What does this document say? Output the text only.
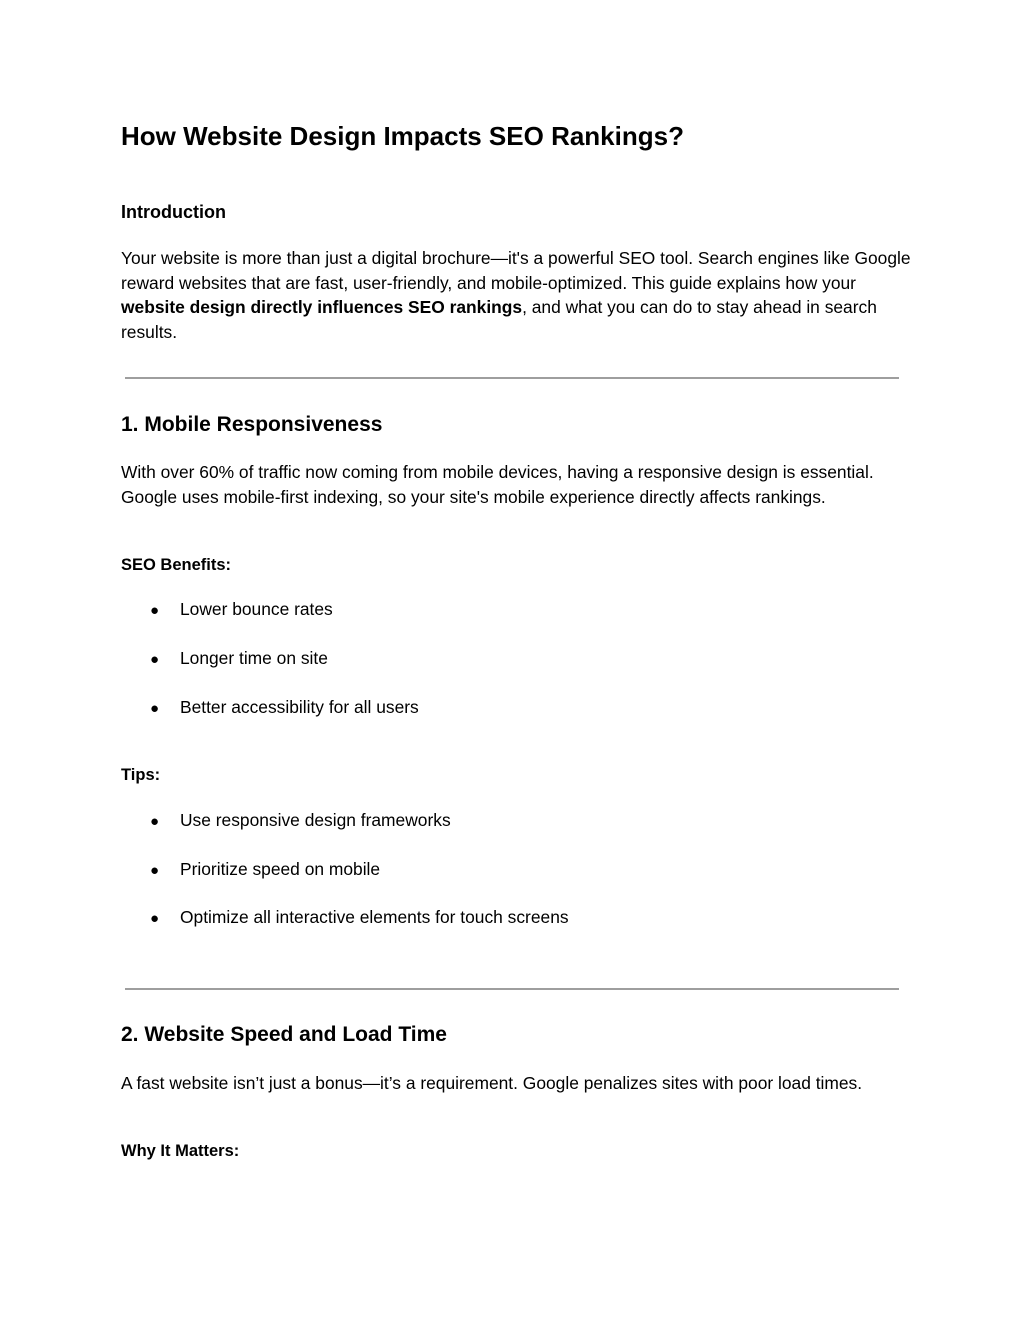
How Website Design Impacts SEO Rankings?
Introduction

Your website is more than just a digital brochure—it's a powerful SEO tool. Search engines like Google reward websites that are fast, user-friendly, and mobile-optimized. This guide explains how your website design directly influences SEO rankings, and what you can do to stay ahead in search results.

1. Mobile Responsiveness

With over 60% of traffic now coming from mobile devices, having a responsive design is essential. Google uses mobile-first indexing, so your site's mobile experience directly affects rankings.

SEO Benefits:
● Lower bounce rates
● Longer time on site
● Better accessibility for all users
Tips:
● Use responsive design frameworks
● Prioritize speed on mobile
● Optimize all interactive elements for touch screens
2. Website Speed and Load Time

A fast website isn’t just a bonus—it’s a requirement. Google penalizes sites with poor load times.

Why It Matters:
